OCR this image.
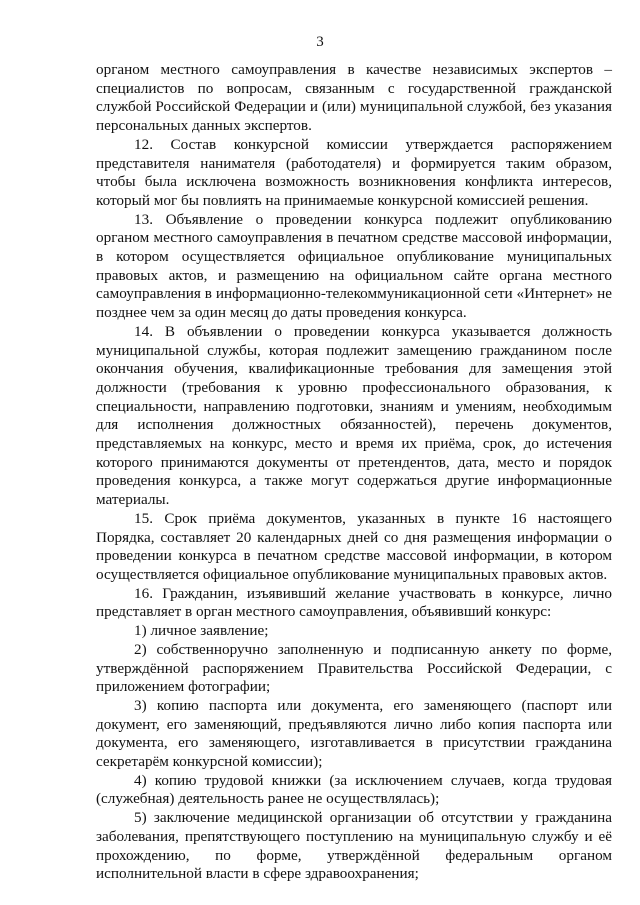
3

органом местного самоуправления в качестве независимых экспертов – специалистов по вопросам, связанным с государственной гражданской службой Российской Федерации и (или) муниципальной службой, без указания персональных данных экспертов.

12. Состав конкурсной комиссии утверждается распоряжением представителя нанимателя (работодателя) и формируется таким образом, чтобы была исключена возможность возникновения конфликта интересов, который мог бы повлиять на принимаемые конкурсной комиссией решения.

13. Объявление о проведении конкурса подлежит опубликованию органом местного самоуправления в печатном средстве массовой информации, в котором осуществляется официальное опубликование муниципальных правовых актов, и размещению на официальном сайте органа местного самоуправления в информационно-телекоммуникационной сети «Интернет» не позднее чем за один месяц до даты проведения конкурса.

14. В объявлении о проведении конкурса указывается должность муниципальной службы, которая подлежит замещению гражданином после окончания обучения, квалификационные требования для замещения этой должности (требования к уровню профессионального образования, к специальности, направлению подготовки, знаниям и умениям, необходимым для исполнения должностных обязанностей), перечень документов, представляемых на конкурс, место и время их приёма, срок, до истечения которого принимаются документы от претендентов, дата, место и порядок проведения конкурса, а также могут содержаться другие информационные материалы.

15. Срок приёма документов, указанных в пункте 16 настоящего Порядка, составляет 20 календарных дней со дня размещения информации о проведении конкурса в печатном средстве массовой информации, в котором осуществляется официальное опубликование муниципальных правовых актов.

16. Гражданин, изъявивший желание участвовать в конкурсе, лично представляет в орган местного самоуправления, объявивший конкурс:

1) личное заявление;

2) собственноручно заполненную и подписанную анкету по форме, утверждённой распоряжением Правительства Российской Федерации, с приложением фотографии;

3) копию паспорта или документа, его заменяющего (паспорт или документ, его заменяющий, предъявляются лично либо копия паспорта или документа, его заменяющего, изготавливается в присутствии гражданина секретарём конкурсной комиссии);

4) копию трудовой книжки (за исключением случаев, когда трудовая (служебная) деятельность ранее не осуществлялась);

5) заключение медицинской организации об отсутствии у гражданина заболевания, препятствующего поступлению на муниципальную службу и её прохождению, по форме, утверждённой федеральным органом исполнительной власти в сфере здравоохранения;
